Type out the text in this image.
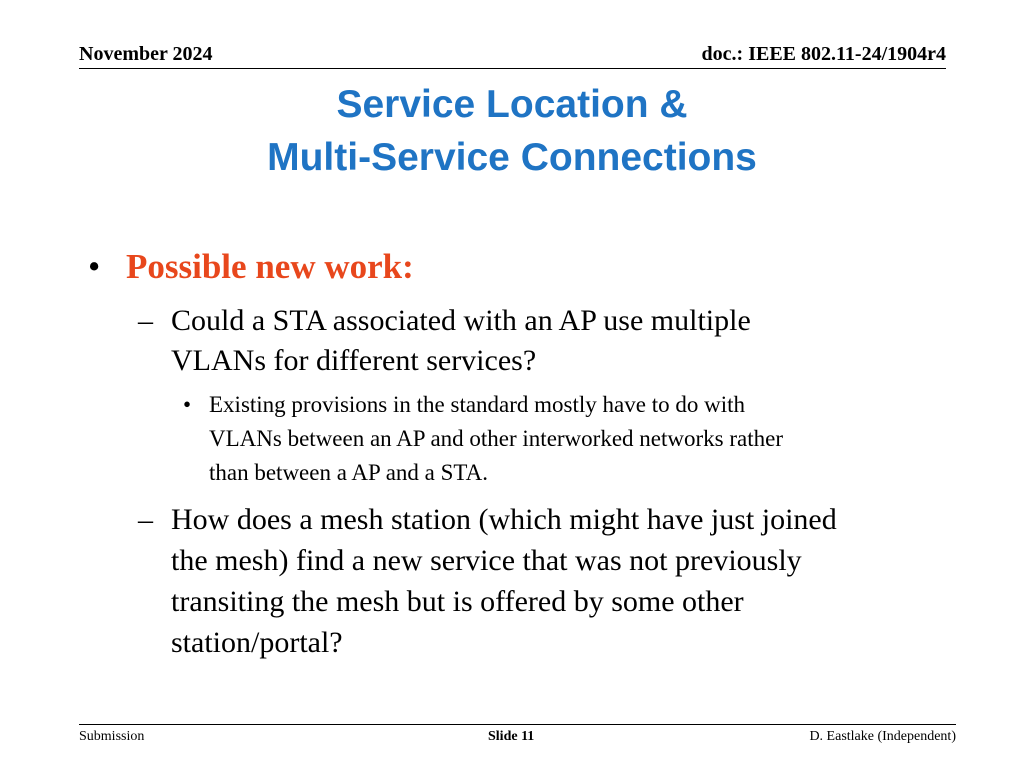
November 2024	doc.: IEEE 802.11-24/1904r4
Service Location &
Multi-Service Connections
• Possible new work:
– Could a STA associated with an AP use multiple
VLANs for different services?
• Existing provisions in the standard mostly have to do with
VLANs between an AP and other interworked networks rather
than between a AP and a STA.
– How does a mesh station (which might have just joined
the mesh) find a new service that was not previously
transiting the mesh but is offered by some other
station/portal?
Submission	Slide 11	D. Eastlake (Independent)
